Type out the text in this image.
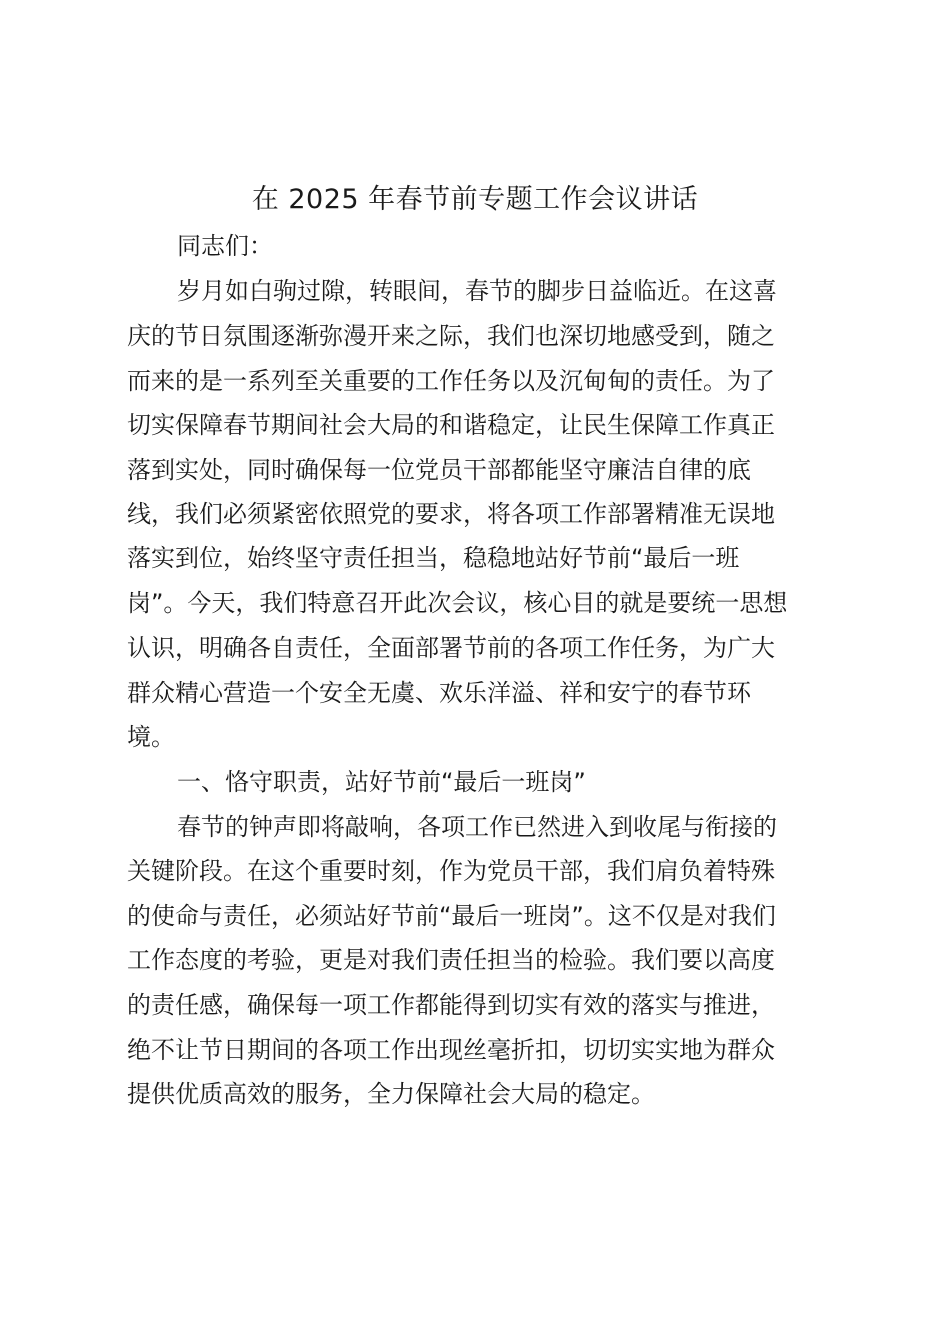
在 2025 年春节前专题工作会议讲话
同志们：
岁月如白驹过隙，转眼间，春节的脚步日益临近。在这喜
庆的节日氛围逐渐弥漫开来之际，我们也深切地感受到，随之
而来的是一系列至关重要的工作任务以及沉甸甸的责任。为了
切实保障春节期间社会大局的和谐稳定，让民生保障工作真正
落到实处，同时确保每一位党员干部都能坚守廉洁自律的底
线，我们必须紧密依照党的要求，将各项工作部署精准无误地
落实到位，始终坚守责任担当，稳稳地站好节前“最后一班
岗”。今天，我们特意召开此次会议，核心目的就是要统一思想
认识，明确各自责任，全面部署节前的各项工作任务，为广大
群众精心营造一个安全无虞、欢乐洋溢、祥和安宁的春节环
境。
一、恪守职责，站好节前“最后一班岗”
春节的钟声即将敲响，各项工作已然进入到收尾与衔接的
关键阶段。在这个重要时刻，作为党员干部，我们肩负着特殊
的使命与责任，必须站好节前“最后一班岗”。这不仅是对我们
工作态度的考验，更是对我们责任担当的检验。我们要以高度
的责任感，确保每一项工作都能得到切实有效的落实与推进，
绝不让节日期间的各项工作出现丝毫折扣，切切实实地为群众
提供优质高效的服务，全力保障社会大局的稳定。
